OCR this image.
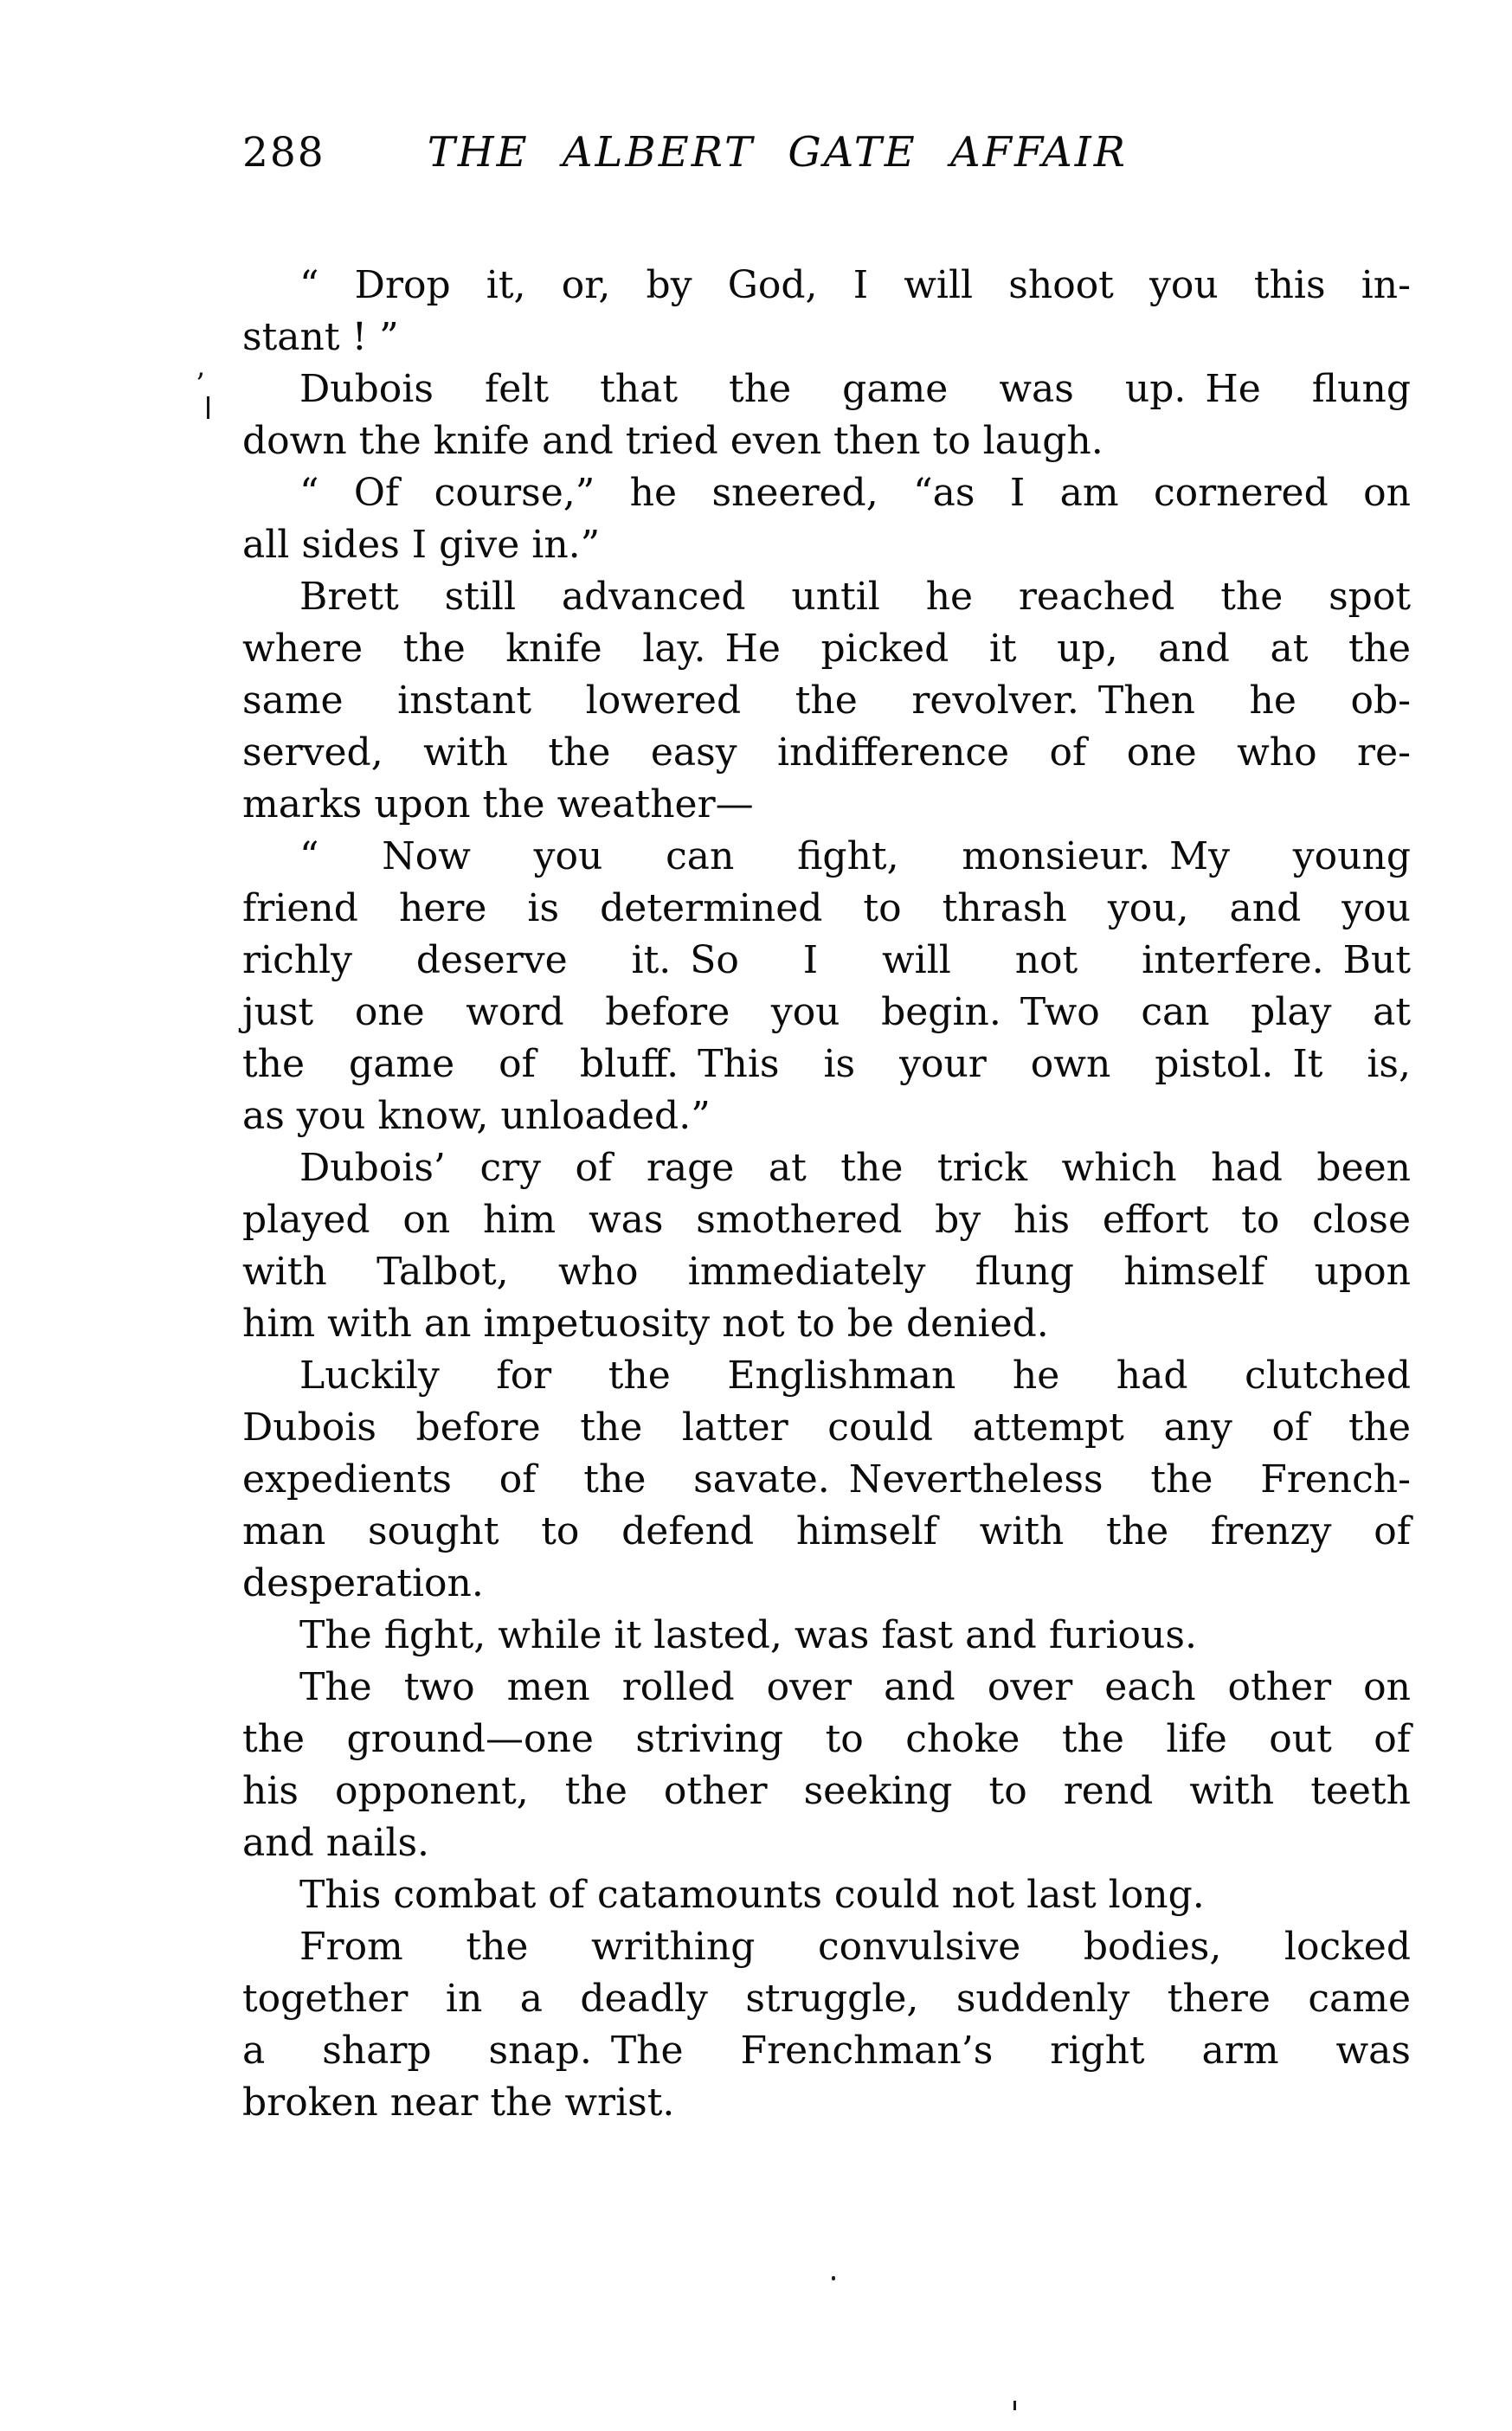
288 THE ALBERT GATE AFFAIR
“ Drop it, or, by God, I will shoot you this in-
stant ! ”
Dubois felt that the game was up. He flung
down the knife and tried even then to laugh.
“ Of course,” he sneered, “as I am cornered on
all sides I give in.”
Brett still advanced until he reached the spot
where the knife lay. He picked it up, and at the
same instant lowered the revolver. Then he ob-
served, with the easy indifference of one who re-
marks upon the weather—
“ Now you can fight, monsieur. My young
friend here is determined to thrash you, and you
richly deserve it. So I will not interfere. But
just one word before you begin. Two can play at
the game of bluff. This is your own pistol. It is,
as you know, unloaded.”
Dubois’ cry of rage at the trick which had been
played on him was smothered by his effort to close
with Talbot, who immediately flung himself upon
him with an impetuosity not to be denied.
Luckily for the Englishman he had clutched
Dubois before the latter could attempt any of the
expedients of the savate. Nevertheless the French-
man sought to defend himself with the frenzy of
desperation.
The fight, while it lasted, was fast and furious.
The two men rolled over and over each other on
the ground—one striving to choke the life out of
his opponent, the other seeking to rend with teeth
and nails.
This combat of catamounts could not last long.
From the writhing convulsive bodies, locked
together in a deadly struggle, suddenly there came
a sharp snap. The Frenchman’s right arm was
broken near the wrist.
’
